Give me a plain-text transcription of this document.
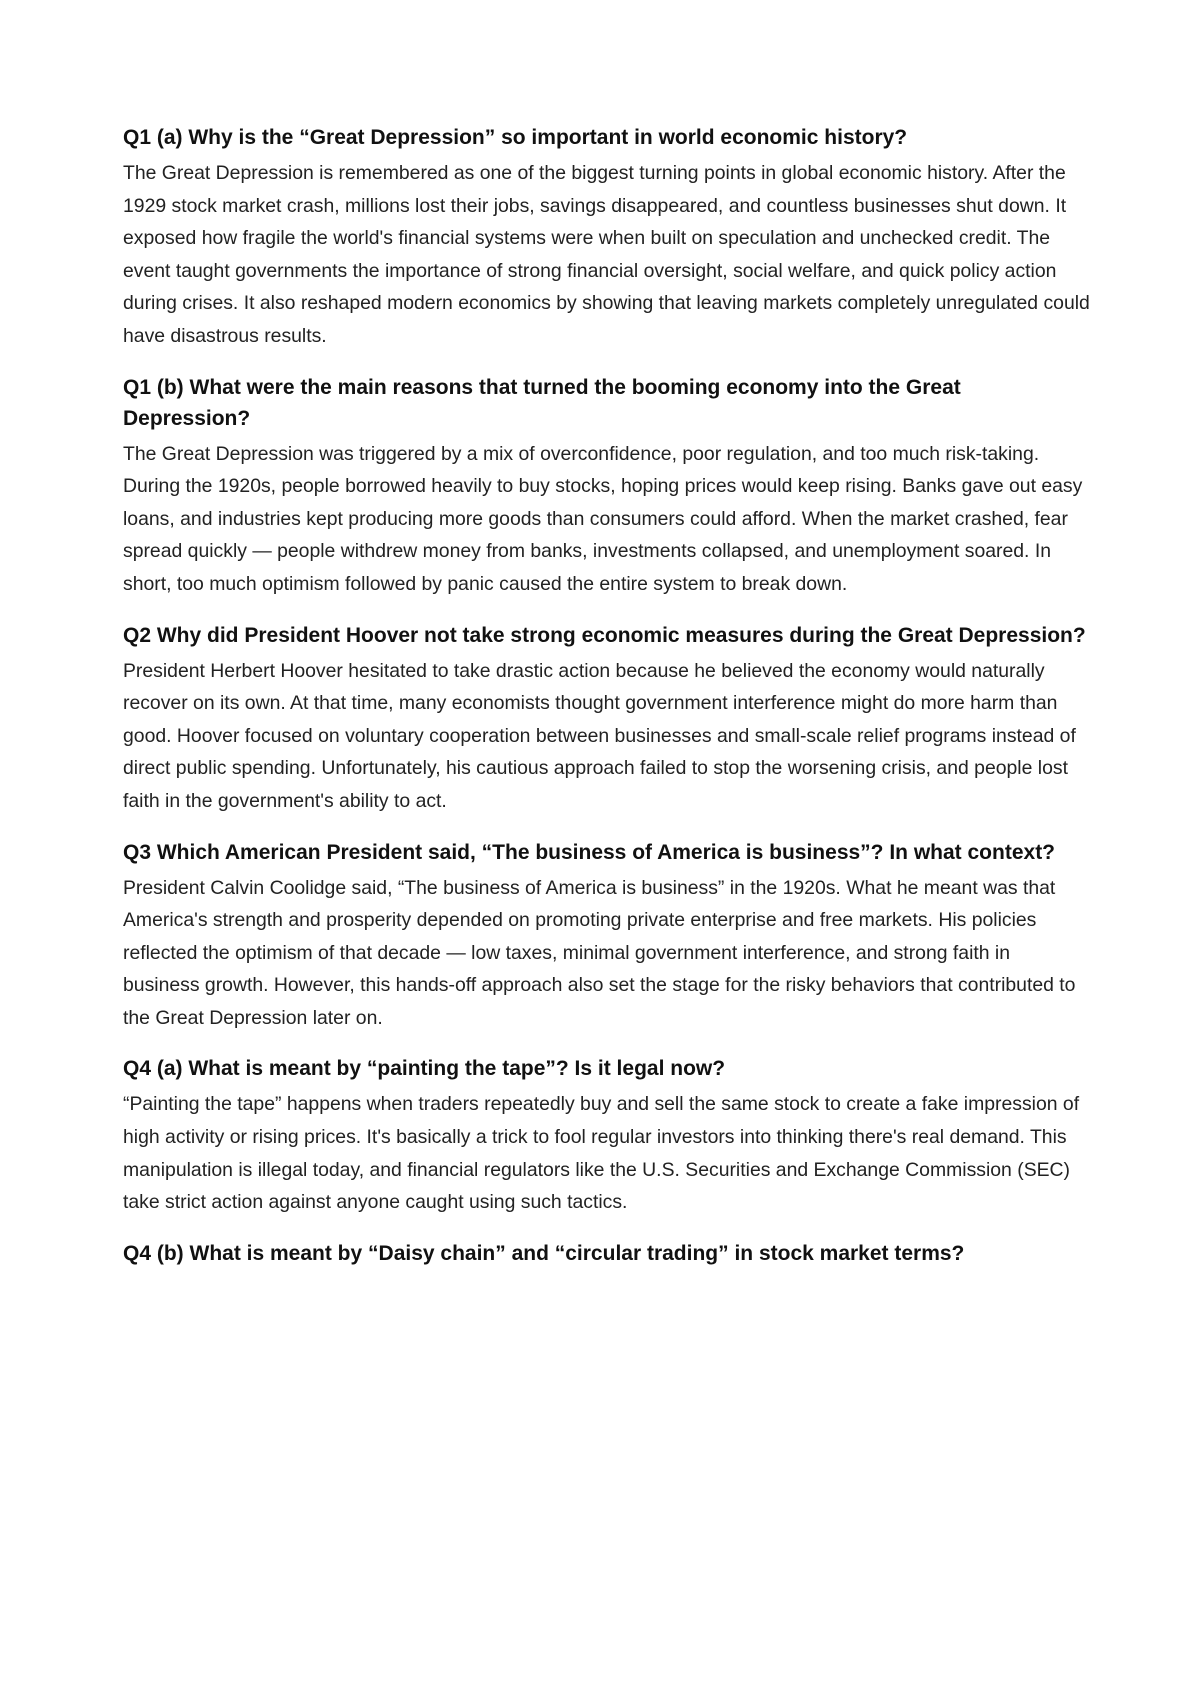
Q1 (a) Why is the “Great Depression” so important in world economic history?

The Great Depression is remembered as one of the biggest turning points in global economic history. After the 1929 stock market crash, millions lost their jobs, savings disappeared, and countless businesses shut down. It exposed how fragile the world's financial systems were when built on speculation and unchecked credit. The event taught governments the importance of strong financial oversight, social welfare, and quick policy action during crises. It also reshaped modern economics by showing that leaving markets completely unregulated could have disastrous results.

Q1 (b) What were the main reasons that turned the booming economy into the Great Depression?

The Great Depression was triggered by a mix of overconfidence, poor regulation, and too much risk-taking. During the 1920s, people borrowed heavily to buy stocks, hoping prices would keep rising. Banks gave out easy loans, and industries kept producing more goods than consumers could afford. When the market crashed, fear spread quickly — people withdrew money from banks, investments collapsed, and unemployment soared. In short, too much optimism followed by panic caused the entire system to break down.

Q2 Why did President Hoover not take strong economic measures during the Great Depression?

President Herbert Hoover hesitated to take drastic action because he believed the economy would naturally recover on its own. At that time, many economists thought government interference might do more harm than good. Hoover focused on voluntary cooperation between businesses and small-scale relief programs instead of direct public spending. Unfortunately, his cautious approach failed to stop the worsening crisis, and people lost faith in the government's ability to act.

Q3 Which American President said, “The business of America is business”? In what context?

President Calvin Coolidge said, “The business of America is business” in the 1920s. What he meant was that America's strength and prosperity depended on promoting private enterprise and free markets. His policies reflected the optimism of that decade — low taxes, minimal government interference, and strong faith in business growth. However, this hands-off approach also set the stage for the risky behaviors that contributed to the Great Depression later on.

Q4 (a) What is meant by “painting the tape”? Is it legal now?

“Painting the tape” happens when traders repeatedly buy and sell the same stock to create a fake impression of high activity or rising prices. It's basically a trick to fool regular investors into thinking there's real demand. This manipulation is illegal today, and financial regulators like the U.S. Securities and Exchange Commission (SEC) take strict action against anyone caught using such tactics.

Q4 (b) What is meant by “Daisy chain” and “circular trading” in stock market terms?
